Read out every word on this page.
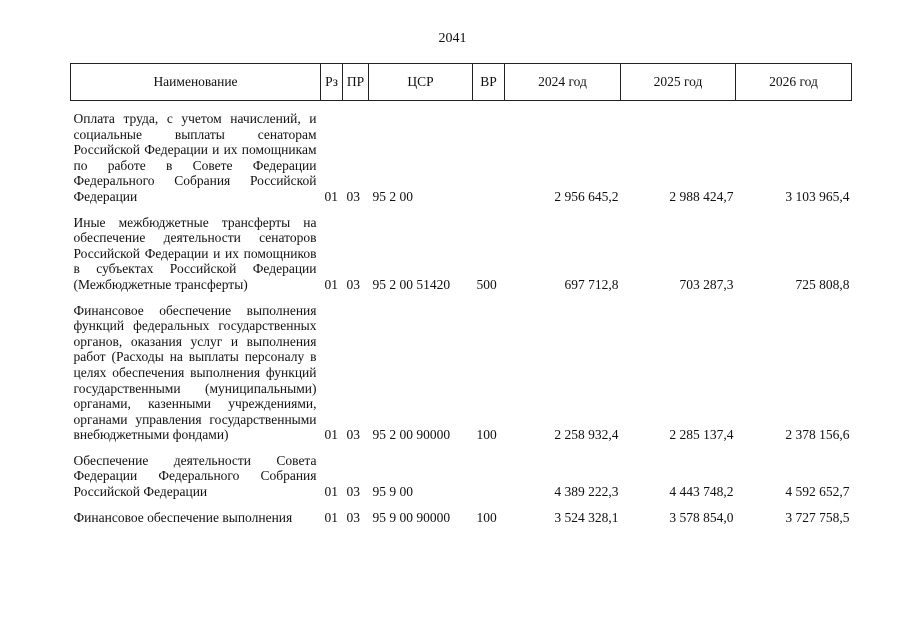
2041
Наименование	Рз	ПР	ЦСР	ВР	2024 год	2025 год	2026 год
Оплата труда, с учетом начислений, и социальные выплаты сенаторам Российской Федерации и их помощникам по работе в Совете Федерации Федерального Собрания Российской Федерации	01	03	95 2 00		2 956 645,2	2 988 424,7	3 103 965,4
Иные межбюджетные трансферты на обеспечение деятельности сенаторов Российской Федерации и их помощников в субъектах Российской Федерации (Межбюджетные трансферты)	01	03	95 2 00 51420	500	697 712,8	703 287,3	725 808,8
Финансовое обеспечение выполнения функций федеральных государственных органов, оказания услуг и выполнения работ (Расходы на выплаты персоналу в целях обеспечения выполнения функций государственными (муниципальными) органами, казенными учреждениями, органами управления государственными внебюджетными фондами)	01	03	95 2 00 90000	100	2 258 932,4	2 285 137,4	2 378 156,6
Обеспечение деятельности Совета Федерации Федерального Собрания Российской Федерации	01	03	95 9 00		4 389 222,3	4 443 748,2	4 592 652,7
Финансовое обеспечение выполнения	01	03	95 9 00 90000	100	3 524 328,1	3 578 854,0	3 727 758,5
